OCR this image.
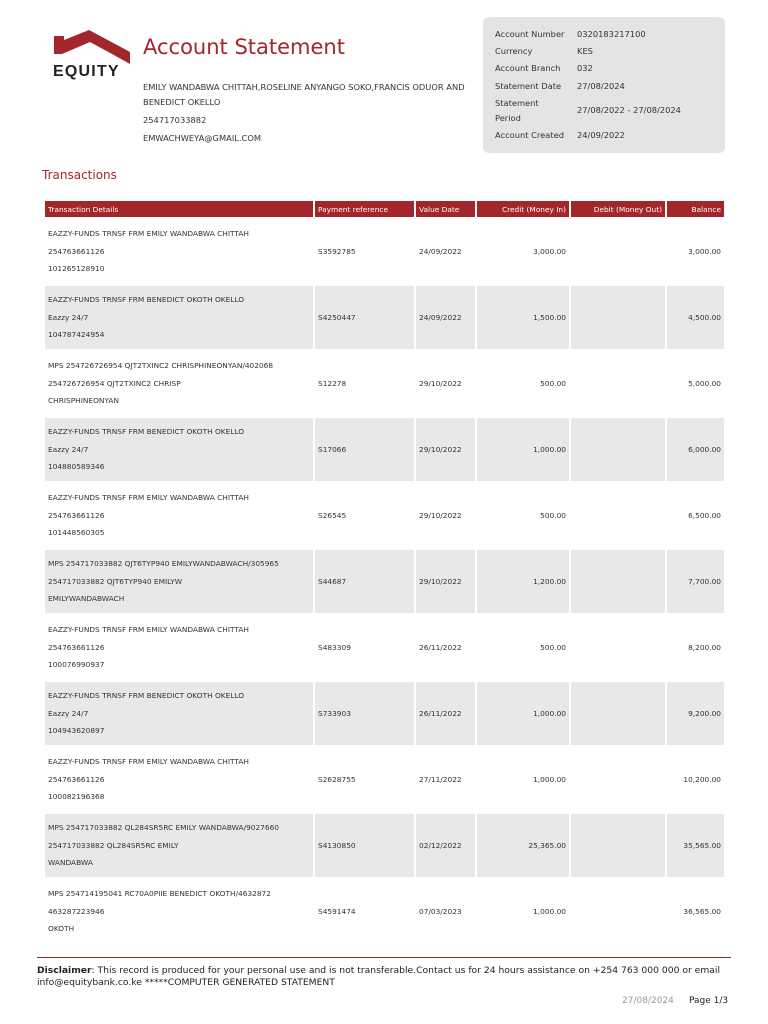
EQUITY
Account Statement
EMILY WANDABWA CHITTAH,ROSELINE ANYANGO SOKO,FRANCIS ODUOR AND BENEDICT OKELLO
254717033882
EMWACHWEYA@GMAIL.COM
Account Number	0320183217100
Currency	KES
Account Branch	032
Statement Date	27/08/2024
Statement Period
27/08/2022 - 27/08/2024
Account Created	24/09/2022
Transactions
Transaction Details	Payment reference	Value Date	Credit (Money In)	Debit (Money Out)	Balance

EAZZY-FUNDS TRNSF FRM EMILY WANDABWA CHITTAH
254763661126
101265128910	S3592785	24/09/2022	3,000.00		3,000.00

EAZZY-FUNDS TRNSF FRM BENEDICT OKOTH OKELLO
Eazzy 24/7
104787424954	S4250447	24/09/2022	1,500.00		4,500.00

MPS 254726726954 QJT2TXINC2 CHRISPHINEONYAN/402068
254726726954 QJT2TXINC2 CHRISP
CHRISPHINEONYAN	S12278	29/10/2022	500.00		5,000.00

EAZZY-FUNDS TRNSF FRM BENEDICT OKOTH OKELLO
Eazzy 24/7
104880589346	S17066	29/10/2022	1,000.00		6,000.00

EAZZY-FUNDS TRNSF FRM EMILY WANDABWA CHITTAH
254763661126
101448560305	S26545	29/10/2022	500.00		6,500.00

MPS 254717033882 QJT6TYP940 EMILYWANDABWACH/305965
254717033882 QJT6TYP940 EMILYW
EMILYWANDABWACH	S44687	29/10/2022	1,200.00		7,700.00

EAZZY-FUNDS TRNSF FRM EMILY WANDABWA CHITTAH
254763661126
100076990937	S483309	26/11/2022	500.00		8,200.00

EAZZY-FUNDS TRNSF FRM BENEDICT OKOTH OKELLO
Eazzy 24/7
104943620897	S733903	26/11/2022	1,000.00		9,200.00

EAZZY-FUNDS TRNSF FRM EMILY WANDABWA CHITTAH
254763661126
100082196368	S2628755	27/11/2022	1,000.00		10,200.00

MPS 254717033882 QL284SR5RC EMILY WANDABWA/9027660
254717033882 QL284SR5RC EMILY
WANDABWA	S4130850	02/12/2022	25,365.00		35,565.00

MPS 254714195041 RC70A0PIIE BENEDICT OKOTH/4632872
463287223946
OKOTH	S4591474	07/03/2023	1,000.00		36,565.00
Disclaimer: This record is produced for your personal use and is not transferable.Contact us for 24 hours assistance on +254 763 000 000 or email info@equitybank.co.ke *****COMPUTER GENERATED STATEMENT
27/08/2024 Page 1/3
